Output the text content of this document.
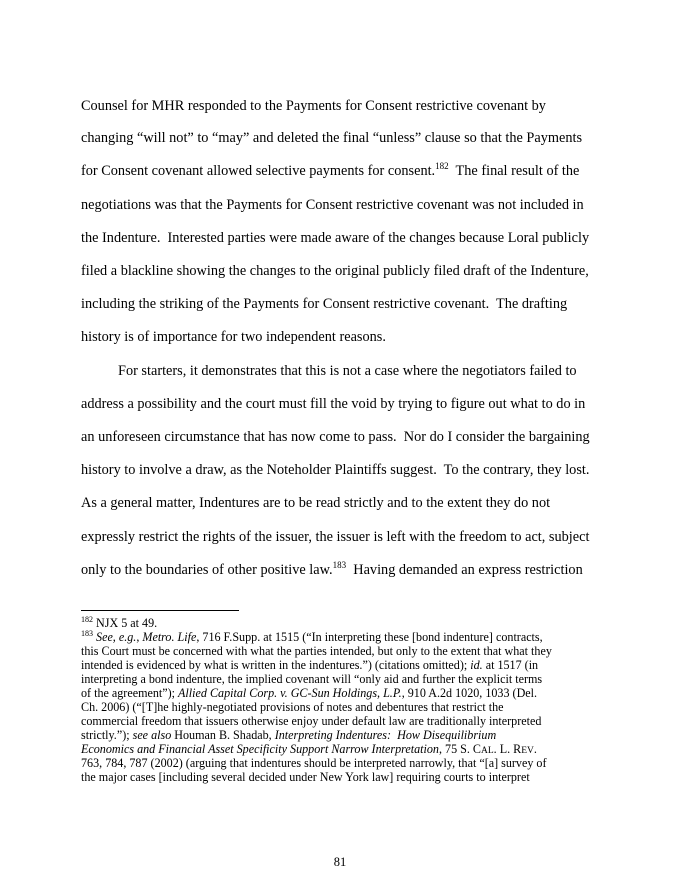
Counsel for MHR responded to the Payments for Consent restrictive covenant by
changing “will not” to “may” and deleted the final “unless” clause so that the Payments
for Consent covenant allowed selective payments for consent.$^{182}$  The final result of the
negotiations was that the Payments for Consent restrictive covenant was not included in
the Indenture.  Interested parties were made aware of the changes because Loral publicly
filed a blackline showing the changes to the original publicly filed draft of the Indenture,
including the striking of the Payments for Consent restrictive covenant.  The drafting
history is of importance for two independent reasons.
For starters, it demonstrates that this is not a case where the negotiators failed to
address a possibility and the court must fill the void by trying to figure out what to do in
an unforeseen circumstance that has now come to pass.  Nor do I consider the bargaining
history to involve a draw, as the Noteholder Plaintiffs suggest.  To the contrary, they lost.
As a general matter, Indentures are to be read strictly and to the extent they do not
expressly restrict the rights of the issuer, the issuer is left with the freedom to act, subject
only to the boundaries of other positive law.$^{183}$  Having demanded an express restriction
$^{182}$ NJX 5 at 49.
$^{183}$ See, e.g., Metro. Life, 716 F.Supp. at 1515 (“In interpreting these [bond indenture] contracts,
this Court must be concerned with what the parties intended, but only to the extent that what they
intended is evidenced by what is written in the indentures.”) (citations omitted); id. at 1517 (in
interpreting a bond indenture, the implied covenant will “only aid and further the explicit terms
of the agreement”); Allied Capital Corp. v. GC-Sun Holdings, L.P., 910 A.2d 1020, 1033 (Del.
Ch. 2006) (“[T]he highly-negotiated provisions of notes and debentures that restrict the
commercial freedom that issuers otherwise enjoy under default law are traditionally interpreted
strictly.”); see also Houman B. Shadab, Interpreting Indentures:  How Disequilibrium
Economics and Financial Asset Specificity Support Narrow Interpretation, 75 S. CAL. L. REV.
763, 784, 787 (2002) (arguing that indentures should be interpreted narrowly, that “[a] survey of
the major cases [including several decided under New York law] requiring courts to interpret
81
